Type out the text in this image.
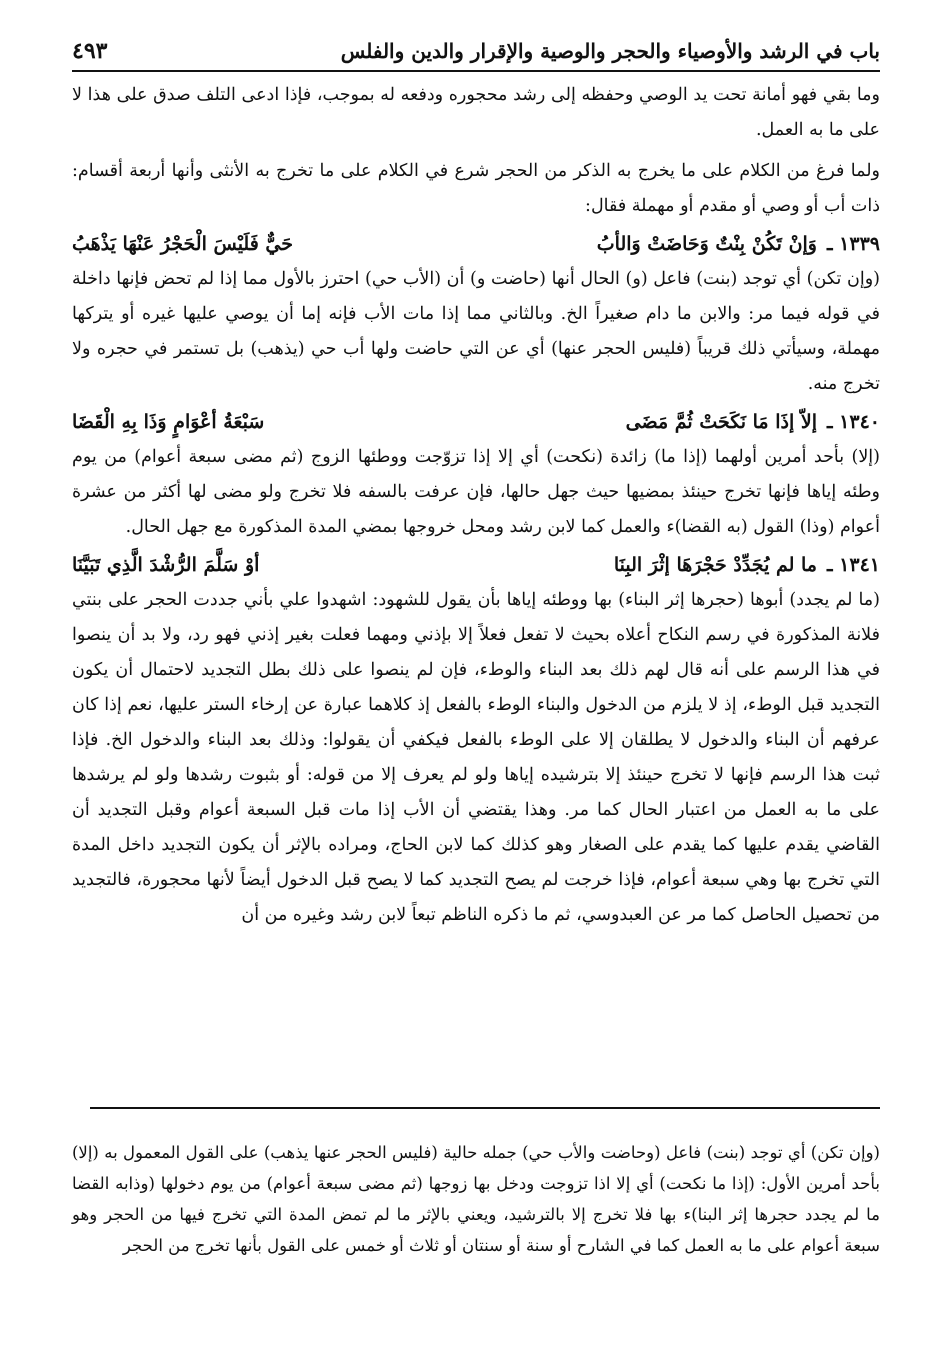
باب في الرشد والأوصياء والحجر والوصية والإقرار والدين والفلس
٤٩٣

وما بقي فهو أمانة تحت يد الوصي وحفظه إلى رشد محجوره ودفعه له بموجب، فإذا ادعى التلف صدق على هذا لا على ما به العمل.

ولما فرغ من الكلام على ما يخرج به الذكر من الحجر شرع في الكلام على ما تخرج به الأنثى وأنها أربعة أقسام: ذات أب أو وصي أو مقدم أو مهملة فقال:

١٣٣٩ ـ
وَإنْ تَكُنْ بِنْتٌ وَحَاضَتْ وَالأبُ
حَيٌّ فَلَيْسَ الْحَجْرُ عَنْهَا يَذْهَبُ

(وإن تكن) أي توجد (بنت) فاعل (و) الحال أنها (حاضت و) أن (الأب حي) احترز بالأول مما إذا لم تحض فإنها داخلة في قوله فيما مر: والابن ما دام صغيراً الخ. وبالثاني مما إذا مات الأب فإنه إما أن يوصي عليها غيره أو يتركها مهملة، وسيأتي ذلك قريباً (فليس الحجر عنها) أي عن التي حاضت ولها أب حي (يذهب) بل تستمر في حجره ولا تخرج منه.

١٣٤٠ ـ
إلاّ إذَا مَا نَكَحَتْ ثُمَّ مَضَى
سَبْعَةُ أعْوَامٍ وَذَا بِهِ الْقَضَا

(إلا) بأحد أمرين أولهما (إذا ما) زائدة (نكحت) أي إلا إذا تزوّجت ووطئها الزوج (ثم مضى سبعة أعوام) من يوم وطئه إياها فإنها تخرج حينئذ بمضيها حيث جهل حالها، فإن عرفت بالسفه فلا تخرج ولو مضى لها أكثر من عشرة أعوام (وذا) القول (به القضا)ء والعمل كما لابن رشد ومحل خروجها بمضي المدة المذكورة مع جهل الحال.

١٣٤١ ـ
ما لم يُجَدِّدْ حَجْرَهَا إثْرَ البِنَا
أوْ سَلَّمَ الرُّشْدَ الَّذِي تَبَيَّنَا

(ما لم يجدد) أبوها (حجرها إثر البناء) بها ووطئه إياها بأن يقول للشهود: اشهدوا علي بأني جددت الحجر على بنتي فلانة المذكورة في رسم النكاح أعلاه بحيث لا تفعل فعلاً إلا بإذني ومهما فعلت بغير إذني فهو رد، ولا بد أن ينصوا في هذا الرسم على أنه قال لهم ذلك بعد البناء والوطء، فإن لم ينصوا على ذلك بطل التجديد لاحتمال أن يكون التجديد قبل الوطء، إذ لا يلزم من الدخول والبناء الوطء بالفعل إذ كلاهما عبارة عن إرخاء الستر عليها، نعم إذا كان عرفهم أن البناء والدخول لا يطلقان إلا على الوطء بالفعل فيكفي أن يقولوا: وذلك بعد البناء والدخول الخ. فإذا ثبت هذا الرسم فإنها لا تخرج حينئذ إلا بترشيده إياها ولو لم يعرف إلا من قوله: أو بثبوت رشدها ولو لم يرشدها على ما به العمل من اعتبار الحال كما مر. وهذا يقتضي أن الأب إذا مات قبل السبعة أعوام وقبل التجديد أن القاضي يقدم عليها كما يقدم على الصغار وهو كذلك كما لابن الحاج، ومراده بالإثر أن يكون التجديد داخل المدة التي تخرج بها وهي سبعة أعوام، فإذا خرجت لم يصح التجديد كما لا يصح قبل الدخول أيضاً لأنها محجورة، فالتجديد من تحصيل الحاصل كما مر عن العبدوسي، ثم ما ذكره الناظم تبعاً لابن رشد وغيره من أن

(وإن تكن) أي توجد (بنت) فاعل (وحاضت والأب حي) جمله حالية (فليس الحجر عنها يذهب) على القول المعمول به (إلا) بأحد أمرين الأول: (إذا ما نكحت) أي إلا اذا تزوجت ودخل بها زوجها (ثم مضى سبعة أعوام) من يوم دخولها (وذابه القضا ما لم يجدد حجرها إثر البنا)ء بها فلا تخرج إلا بالترشيد، ويعني بالإثر ما لم تمض المدة التي تخرج فيها من الحجر وهو سبعة أعوام على ما به العمل كما في الشارح أو سنة أو سنتان أو ثلاث أو خمس على القول بأنها تخرج من الحجر
